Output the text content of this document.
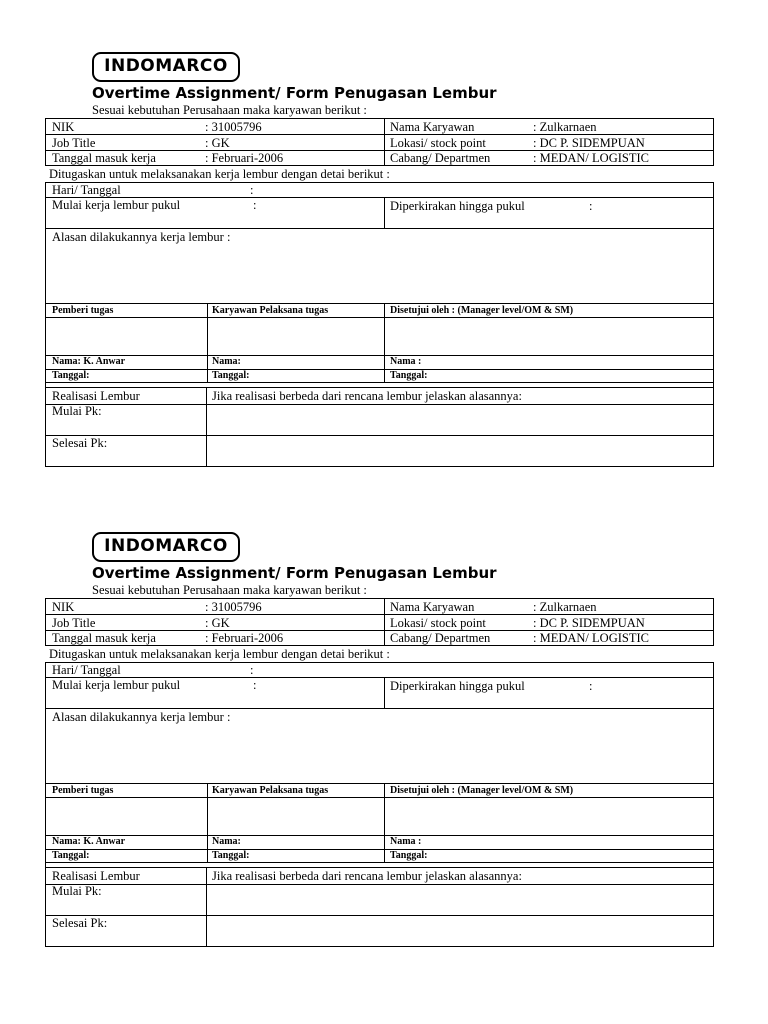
INDOMARCO
Overtime Assignment/ Form Penugasan Lembur
Sesuai kebutuhan Perusahaan maka karyawan berikut :
NIK	: 31005796	Nama Karyawan	: Zulkarnaen
Job Title	: GK	Lokasi/ stock point	: DC P. SIDEMPUAN
Tanggal masuk kerja	: Februari-2006	Cabang/ Departmen	: MEDAN/ LOGISTIC
Ditugaskan untuk melaksanakan kerja lembur dengan detai berikut :
Hari/ Tanggal	:
Mulai kerja lembur pukul	:	Diperkirakan hingga pukul	:
Alasan dilakukannya kerja lembur :
Pemberi tugas	Karyawan Pelaksana tugas	Disetujui oleh : (Manager level/OM & SM)
Nama: K. Anwar	Nama:	Nama :
Tanggal:	Tanggal:	Tanggal:
Realisasi Lembur	Jika realisasi berbeda dari rencana lembur jelaskan alasannya:
Mulai Pk:
Selesai Pk:
INDOMARCO
Overtime Assignment/ Form Penugasan Lembur
Sesuai kebutuhan Perusahaan maka karyawan berikut :
NIK	: 31005796	Nama Karyawan	: Zulkarnaen
Job Title	: GK	Lokasi/ stock point	: DC P. SIDEMPUAN
Tanggal masuk kerja	: Februari-2006	Cabang/ Departmen	: MEDAN/ LOGISTIC
Ditugaskan untuk melaksanakan kerja lembur dengan detai berikut :
Hari/ Tanggal	:
Mulai kerja lembur pukul	:	Diperkirakan hingga pukul	:
Alasan dilakukannya kerja lembur :
Pemberi tugas	Karyawan Pelaksana tugas	Disetujui oleh : (Manager level/OM & SM)
Nama: K. Anwar	Nama:	Nama :
Tanggal:	Tanggal:	Tanggal:
Realisasi Lembur	Jika realisasi berbeda dari rencana lembur jelaskan alasannya:
Mulai Pk:
Selesai Pk:
